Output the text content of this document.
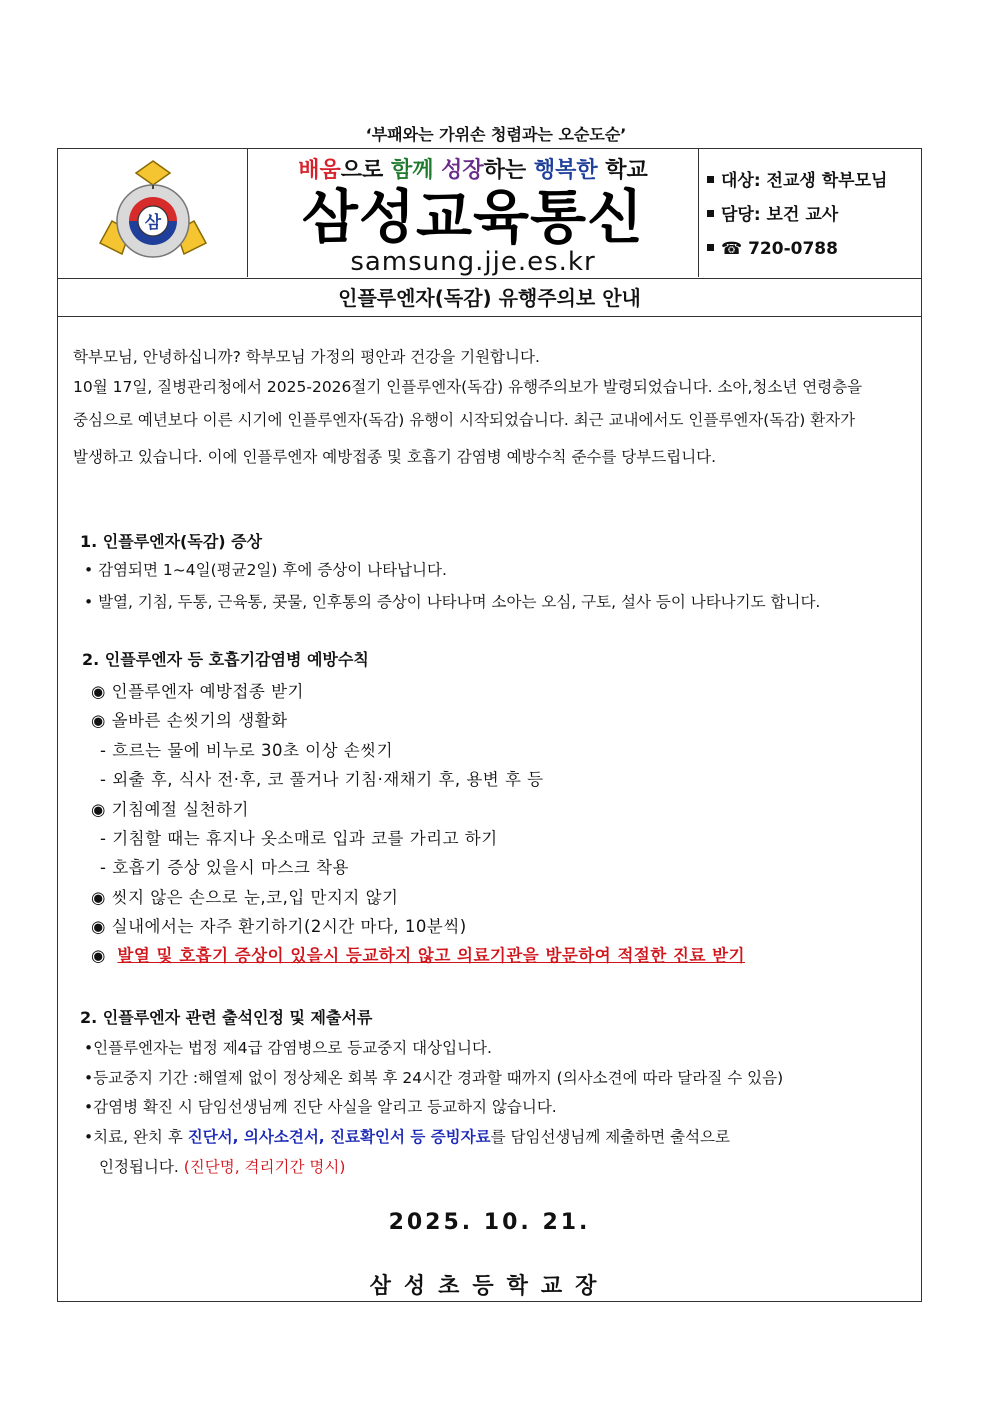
‘부패와는 가위손 청렴과는 오순도순’
삼
배움으로 함께 성장하는 행복한 학교
삼성교육통신
samsung.jje.es.kr
대상: 전교생 학부모님
담당: 보건 교사
☎ 720-0788
인플루엔자(독감) 유행주의보 안내
학부모님, 안녕하십니까? 학부모님 가정의 평안과 건강을 기원합니다.
10월 17일, 질병관리청에서 2025-2026절기 인플루엔자(독감) 유행주의보가 발령되었습니다. 소아,청소년 연령층을
중심으로 예년보다 이른 시기에 인플루엔자(독감) 유행이 시작되었습니다. 최근 교내에서도 인플루엔자(독감) 환자가
발생하고 있습니다. 이에 인플루엔자 예방접종 및 호흡기 감염병 예방수칙 준수를 당부드립니다.
1. 인플루엔자(독감) 증상
• 감염되면 1~4일(평균2일) 후에 증상이 나타납니다.
• 발열, 기침, 두통, 근육통, 콧물, 인후통의 증상이 나타나며 소아는 오심, 구토, 설사 등이 나타나기도 합니다.
2. 인플루엔자 등 호흡기감염병 예방수칙
◉ 인플루엔자 예방접종 받기
◉ 올바른 손씻기의 생활화
- 흐르는 물에 비누로 30초 이상 손씻기
- 외출 후, 식사 전·후, 코 풀거나 기침·재채기 후, 용변 후 등
◉ 기침예절 실천하기
- 기침할 때는 휴지나 옷소매로 입과 코를 가리고 하기
- 호흡기 증상 있을시 마스크 착용
◉ 씻지 않은 손으로 눈,코,입 만지지 않기
◉ 실내에서는 자주 환기하기(2시간 마다, 10분씩)
◉ 발열 및 호흡기 증상이 있을시 등교하지 않고 의료기관을 방문하여 적절한 진료 받기
2. 인플루엔자 관련 출석인정 및 제출서류
•인플루엔자는 법정 제4급 감염병으로 등교중지 대상입니다.
•등교중지 기간 :해열제 없이 정상체온 회복 후 24시간 경과할 때까지 (의사소견에 따라 달라질 수 있음)
•감염병 확진 시 담임선생님께 진단 사실을 알리고 등교하지 않습니다.
•치료, 완치 후 진단서, 의사소견서, 진료확인서 등 증빙자료를 담임선생님께 제출하면 출석으로
인정됩니다. (진단명, 격리기간 명시)
2025. 10. 21.
삼성초등학교장
